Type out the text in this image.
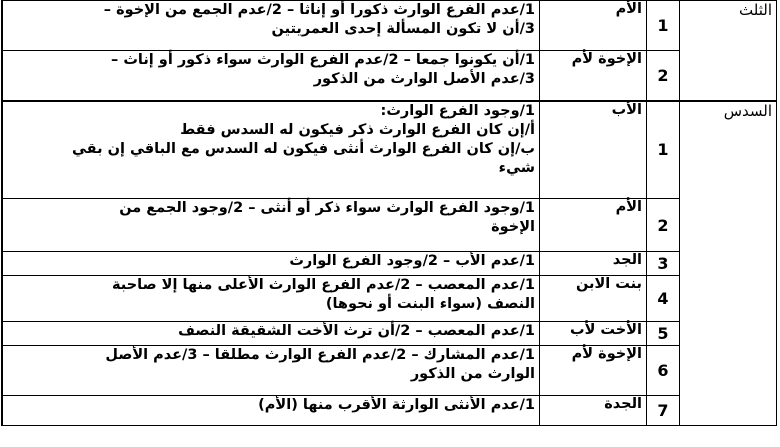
الثلث	1	الأم	1/عدم الفرع الوارث ذكورا أو إناثا – 2/عدم الجمع من الإخوة –
3/أن لا تكون المسألة إحدى العمريتين

	2	الإخوة لأم	1/أن يكونوا جمعا – 2/عدم الفرع الوارث سواء ذكور أو إناث –
3/عدم الأصل الوارث من الذكور

السدس	1	الأب	1/وجود الفرع الوارث:
أ/إن كان الفرع الوارث ذكر فيكون له السدس فقط
ب/إن كان الفرع الوارث أنثى فيكون له السدس مع الباقي إن بقي
شيء

	2	الأم	1/وجود الفرع الوارث سواء ذكر أو أنثى – 2/وجود الجمع من
الإخوة

	3	الجد	1/عدم الأب – 2/وجود الفرع الوارث

	4	بنت الابن	1/عدم المعصب – 2/عدم الفرع الوارث الأعلى منها إلا صاحبة
النصف (سواء البنت أو نحوها)

	5	الأخت لأب	1/عدم المعصب – 2/أن ترث الأخت الشقيقة النصف

	6	الإخوة لأم	1/عدم المشارك – 2/عدم الفرع الوارث مطلقا – 3/عدم الأصل
الوارث من الذكور

	7	الجدة	1/عدم الأنثى الوارثة الأقرب منها (الأم)
